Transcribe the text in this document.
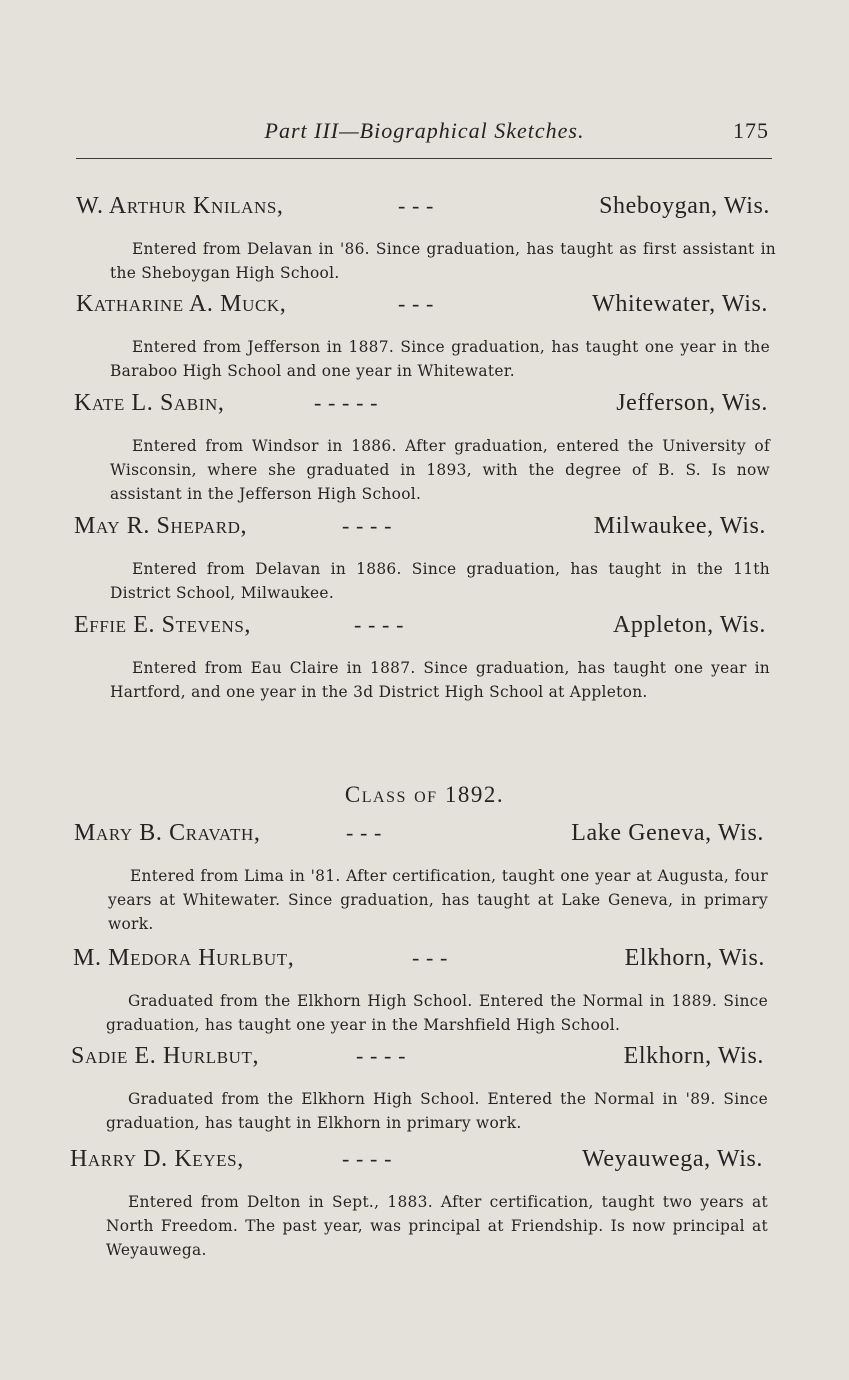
Part III—Biographical Sketches.	175
W. Arthur Knilans,	- - -	Sheboygan, Wis.
Entered from Delavan in '86. Since graduation, has taught as first assistant in the Sheboygan High School.
Katharine A. Muck,	- - -	Whitewater, Wis.
Entered from Jefferson in 1887. Since graduation, has taught one year in the Baraboo High School and one year in Whitewater.
Kate L. Sabin,	- - - - -	Jefferson, Wis.
Entered from Windsor in 1886. After graduation, entered the University of Wisconsin, where she graduated in 1893, with the degree of B. S. Is now assistant in the Jefferson High School.
May R. Shepard,	- - - -	Milwaukee, Wis.
Entered from Delavan in 1886. Since graduation, has taught in the 11th District School, Milwaukee.
Effie E. Stevens,	- - - -	Appleton, Wis.
Entered from Eau Claire in 1887. Since graduation, has taught one year in Hartford, and one year in the 3d District High School at Appleton.
Class of 1892.
Mary B. Cravath,	- - -	Lake Geneva, Wis.
Entered from Lima in '81. After certification, taught one year at Augusta, four years at Whitewater. Since graduation, has taught at Lake Geneva, in primary work.
M. Medora Hurlbut,	- - -	Elkhorn, Wis.
Graduated from the Elkhorn High School. Entered the Normal in 1889. Since graduation, has taught one year in the Marshfield High School.
Sadie E. Hurlbut,	- - - -	Elkhorn, Wis.
Graduated from the Elkhorn High School. Entered the Normal in '89. Since graduation, has taught in Elkhorn in primary work.
Harry D. Keyes,	- - - -	Weyauwega, Wis.
Entered from Delton in Sept., 1883. After certification, taught two years at North Freedom. The past year, was principal at Friendship. Is now principal at Weyauwega.
